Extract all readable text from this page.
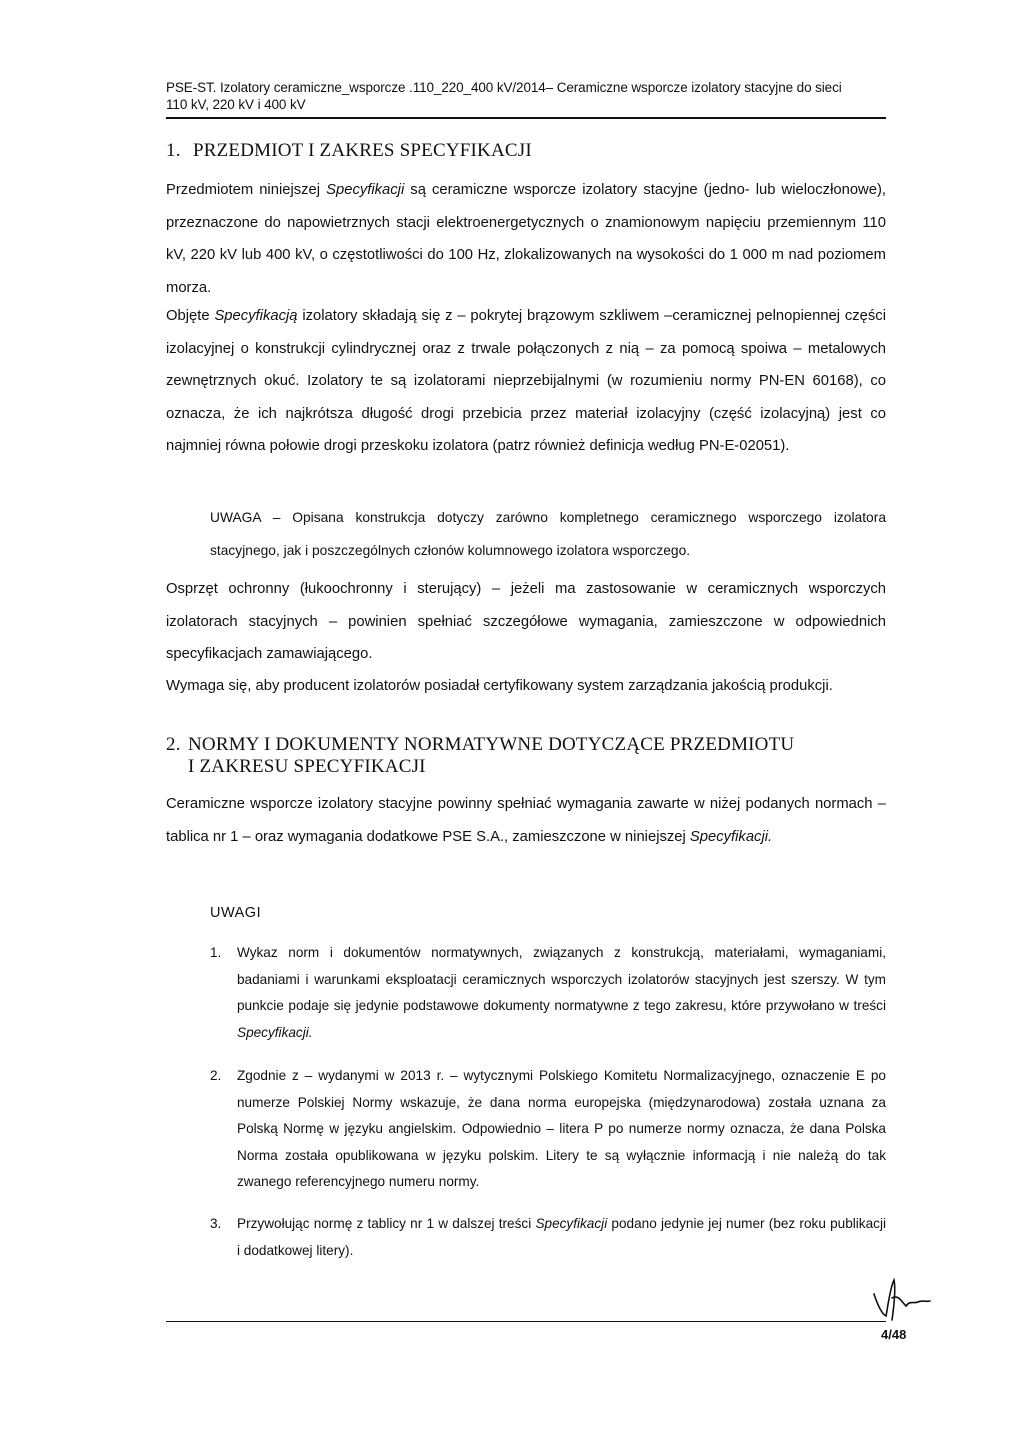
PSE-ST. Izolatory ceramiczne_wsporcze .110_220_400 kV/2014– Ceramiczne wsporcze izolatory stacyjne do sieci
110 kV, 220 kV i 400 kV
1. PRZEDMIOT I ZAKRES SPECYFIKACJI

Przedmiotem niniejszej Specyfikacji są ceramiczne wsporcze izolatory stacyjne (jedno- lub wieloczłonowe), przeznaczone do napowietrznych stacji elektroenergetycznych o znamionowym napięciu przemiennym 110 kV, 220 kV lub 400 kV, o częstotliwości do 100 Hz, zlokalizowanych na wysokości do 1 000 m nad poziomem morza.

Objęte Specyfikacją izolatory składają się z – pokrytej brązowym szkliwem –ceramicznej pelnopiennej części izolacyjnej o konstrukcji cylindrycznej oraz z trwale połączonych z nią – za pomocą spoiwa – metalowych zewnętrznych okuć. Izolatory te są izolatorami nieprzebijalnymi (w rozumieniu normy PN-EN 60168), co oznacza, że ich najkrótsza długość drogi przebicia przez materiał izolacyjny (część izolacyjną) jest co najmniej równa połowie drogi przeskoku izolatora (patrz również definicja według PN-E-02051).

UWAGA – Opisana konstrukcja dotyczy zarówno kompletnego ceramicznego wsporczego izolatora stacyjnego, jak i poszczególnych członów kolumnowego izolatora wsporczego.

Osprzęt ochronny (łukoochronny i sterujący) – jeżeli ma zastosowanie w ceramicznych wsporczych izolatorach stacyjnych – powinien spełniać szczegółowe wymagania, zamieszczone w odpowiednich specyfikacjach zamawiającego.

Wymaga się, aby producent izolatorów posiadał certyfikowany system zarządzania jakością produkcji.

2. NORMY I DOKUMENTY NORMATYWNE DOTYCZĄCE PRZEDMIOTU
I ZAKRESU SPECYFIKACJI

Ceramiczne wsporcze izolatory stacyjne powinny spełniać wymagania zawarte w niżej podanych normach – tablica nr 1 – oraz wymagania dodatkowe PSE S.A., zamieszczone w niniejszej Specyfikacji.

UWAGI
1. Wykaz norm i dokumentów normatywnych, związanych z konstrukcją, materiałami, wymaganiami, badaniami i warunkami eksploatacji ceramicznych wsporczych izolatorów stacyjnych jest szerszy. W tym punkcie podaje się jedynie podstawowe dokumenty normatywne z tego zakresu, które przywołano w treści Specyfikacji.
2. Zgodnie z – wydanymi w 2013 r. – wytycznymi Polskiego Komitetu Normalizacyjnego, oznaczenie E po numerze Polskiej Normy wskazuje, że dana norma europejska (międzynarodowa) została uznana za Polską Normę w języku angielskim. Odpowiednio – litera P po numerze normy oznacza, że dana Polska Norma została opublikowana w języku polskim. Litery te są wyłącznie informacją i nie należą do tak zwanego referencyjnego numeru normy.
3. Przywołując normę z tablicy nr 1 w dalszej treści Specyfikacji podano jedynie jej numer (bez roku publikacji i dodatkowej litery).
4/48
